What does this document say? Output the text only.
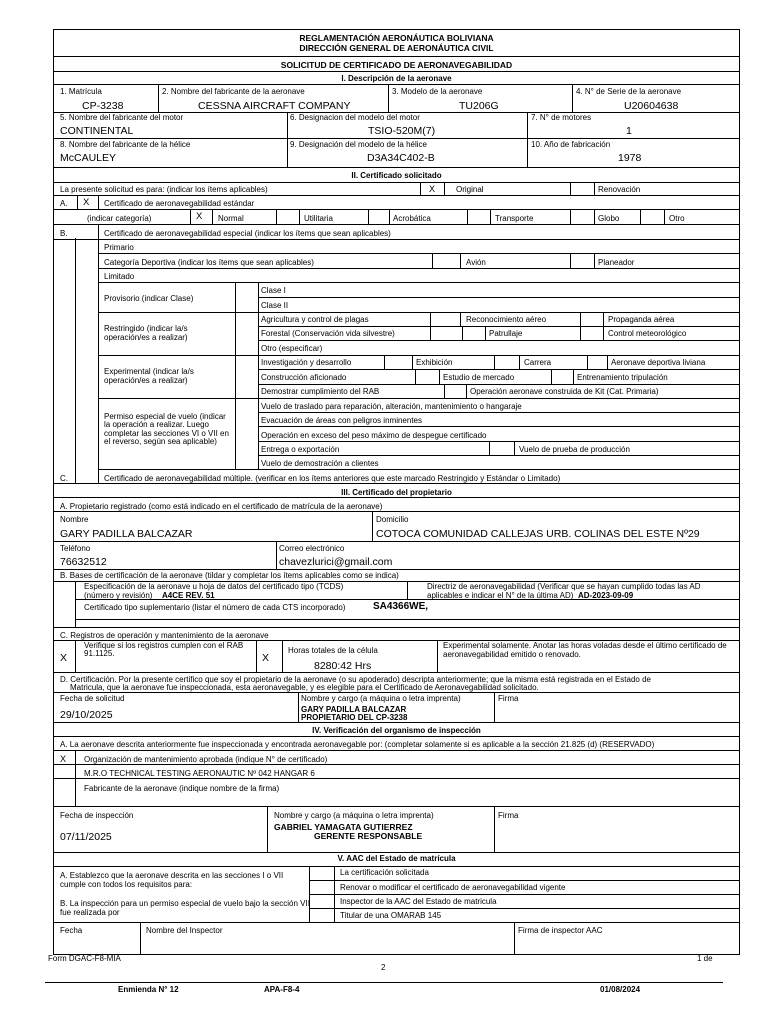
REGLAMENTACIÓN AERONÁUTICA BOLIVIANA
DIRECCIÓN GENERAL DE AERONÁUTICA CIVIL
SOLICITUD DE CERTIFICADO DE AERONAVEGABILIDAD
I. Descripción de la aeronave
1. Matrícula
CP-3238
2. Nombre del fabricante de la aeronave
CESSNA AIRCRAFT COMPANY
3. Modelo de la aeronave
TU206G
4. N° de Serie de la aeronave
U20604638
5. Nombre del fabricante del motor
CONTINENTAL
6. Designacion del modelo del motor
TSIO-520M(7)
7. N° de motores
1
8. Nombre del fabricante de la hélice
McCAULEY
9. Designación del modelo de la hélice
D3A34C402-B
10. Año de fabricación
1978
II. Certificado solicitado
La presente solicitud es para: (indicar los ítems aplicables)	X	Original	Renovación
A. X Certificado de aeronavegabilidad estándar
(indicar categoría)	X Normal	Utilitaria	Acrobática	Transporte	Globo	Otro
B.	Certificado de aeronavegabilidad especial (indicar los ítems que sean aplicables)
Primario
Categoría Deportiva (indicar los ítems que sean aplicables)	Avión	Planeador
Limitado
Provisorio (indicar Clase)
Clase I
Clase II
Restringido (indicar la/s operación/es a realizar)
Agricultura y control de plagas	Reconocimiento aéreo	Propaganda aérea
Forestal (Conservación vida silvestre)	Patrullaje	Control meteorológico
Otro (especificar)
Experimental (indicar la/s operación/es a realizar)
Investigación y desarrollo	Exhibición	Carrera	Aeronave deportiva liviana
Construcción aficionado	Estudio de mercado	Entrenamiento tripulación
Demostrar cumplimiento del RAB	Operación aeronave construida de Kit (Cat. Primaria)
Permiso especial de vuelo (indicar la operación a realizar. Luego completar las secciones VI o VII en el reverso, según sea aplicable)
Vuelo de traslado para reparación, alteración, mantenimiento o hangaraje
Evacuación de áreas con peligros inminentes
Operación en exceso del peso máximo de despegue certificado
Entrega o exportación	Vuelo de prueba de producción
Vuelo de demostración a clientes
C.	Certificado de aeronavegabilidad múltiple. (verificar en los ítems anteriores que este marcado Restringido y Estándar o Limitado)
III. Certificado del propietario
A. Propietario registrado (como está indicado en el certificado de matrícula de la aeronave)
Nombre
GARY PADILLA BALCAZAR
Domicilio
COTOCA COMUNIDAD CALLEJAS URB. COLINAS DEL ESTE Nº29
Teléfono
76632512
Correo electrónico
chavezlurici@gmail.com
B. Bases de certificación de la aeronave (tildar y completar los ítems aplicables como se indica)
Especificación de la aeronave u hoja de datos del certificado tipo (TCDS)
(número y revisión) A4CE REV. 51
Directriz de aeronavegabilidad (Verificar que se hayan cumplido todas las AD
aplicables e indicar el N° de la última AD) AD-2023-09-09
Certificado tipo suplementario (listar el número de cada CTS incorporado)	SA4366WE,
C. Registros de operación y mantenimiento de la aeronave
X
Verifique si los registros cumplen con el RAB 91.1125.	X
Horas totales de la célula
8280:42 Hrs
Experimental solamente. Anotar las horas voladas desde el último certificado de aeronavegabilidad emitido o renovado.
D. Certificación. Por la presente certifico que soy el propietario de la aeronave (o su apoderado) descripta anteriormente; que la misma está registrada en el Estado de
Matricula, que la aeronave fue inspeccionada, esta aeronavegable, y es elegible para el Certificado de Aeronavegabilidad solicitado.
Fecha de solicitud
29/10/2025
Nombre y cargo (a máquina o letra imprenta)
GARY PADILLA BALCAZAR
PROPIETARIO DEL CP-3238
Firma
IV. Verificación del organismo de inspección
A. La aeronave descrita anteriormente fue inspeccionada y encontrada aeronavegable por: (completar solamente si es aplicable a la sección 21.825 (d) (RESERVADO)
X Organización de mantenimiento aprobada (indique N° de certificado)
M.R.O TECHNICAL TESTING AERONAUTIC Nº 042 HANGAR 6
Fabricante de la aeronave (indique nombre de la firma)
Fecha de inspección
07/11/2025
Nombre y cargo (a máquina o letra imprenta)
GABRIEL YAMAGATA GUTIERREZ
GERENTE RESPONSABLE
Firma
V. AAC del Estado de matrícula
A. Establezco que la aeronave descrita en las secciones I o VII cumple con todos los requisitos para:
La certificación solicitada
Renovar o modificar el certificado de aeronavegabilidad vigente
B. La inspección para un permiso especial de vuelo bajo la sección VII fue realizada por
Inspector de la AAC del Estado de matricula
Titular de una OMARAB 145
Fecha	Nombre del Inspector	Firma de inspector AAC
Form DGAC-F8-MIA	1 de
2
Enmienda N° 12	APA-F8-4	01/08/2024
